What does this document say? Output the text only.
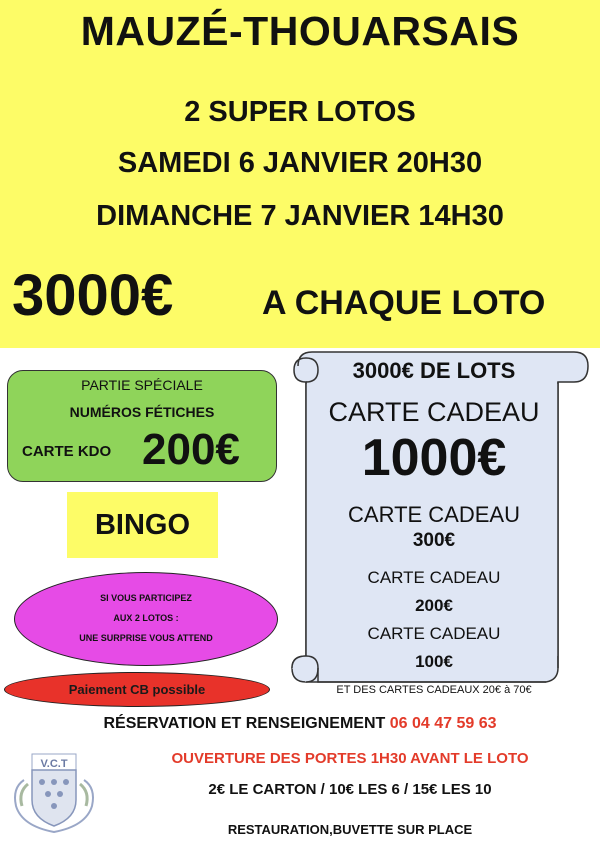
MAUZÉ-THOUARSAIS
2 SUPER LOTOS
SAMEDI 6 JANVIER 20H30
DIMANCHE 7 JANVIER 14H30
3000€	A CHAQUE LOTO
PARTIE SPÉCIALE
NUMÉROS FÉTICHES
CARTE KDO 200€
BINGO
SI VOUS PARTICIPEZ
AUX 2 LOTOS :
UNE SURPRISE VOUS ATTEND
Paiement CB possible
3000€ DE LOTS
CARTE CADEAU
1000€
CARTE CADEAU
300€
CARTE CADEAU
200€
CARTE CADEAU
100€
ET DES CARTES CADEAUX 20€ à 70€
RÉSERVATION ET RENSEIGNEMENT 06 04 47 59 63
OUVERTURE DES PORTES 1H30 AVANT LE LOTO
2€ LE CARTON / 10€ LES 6 / 15€ LES 10
RESTAURATION,BUVETTE SUR PLACE
V.C.T
